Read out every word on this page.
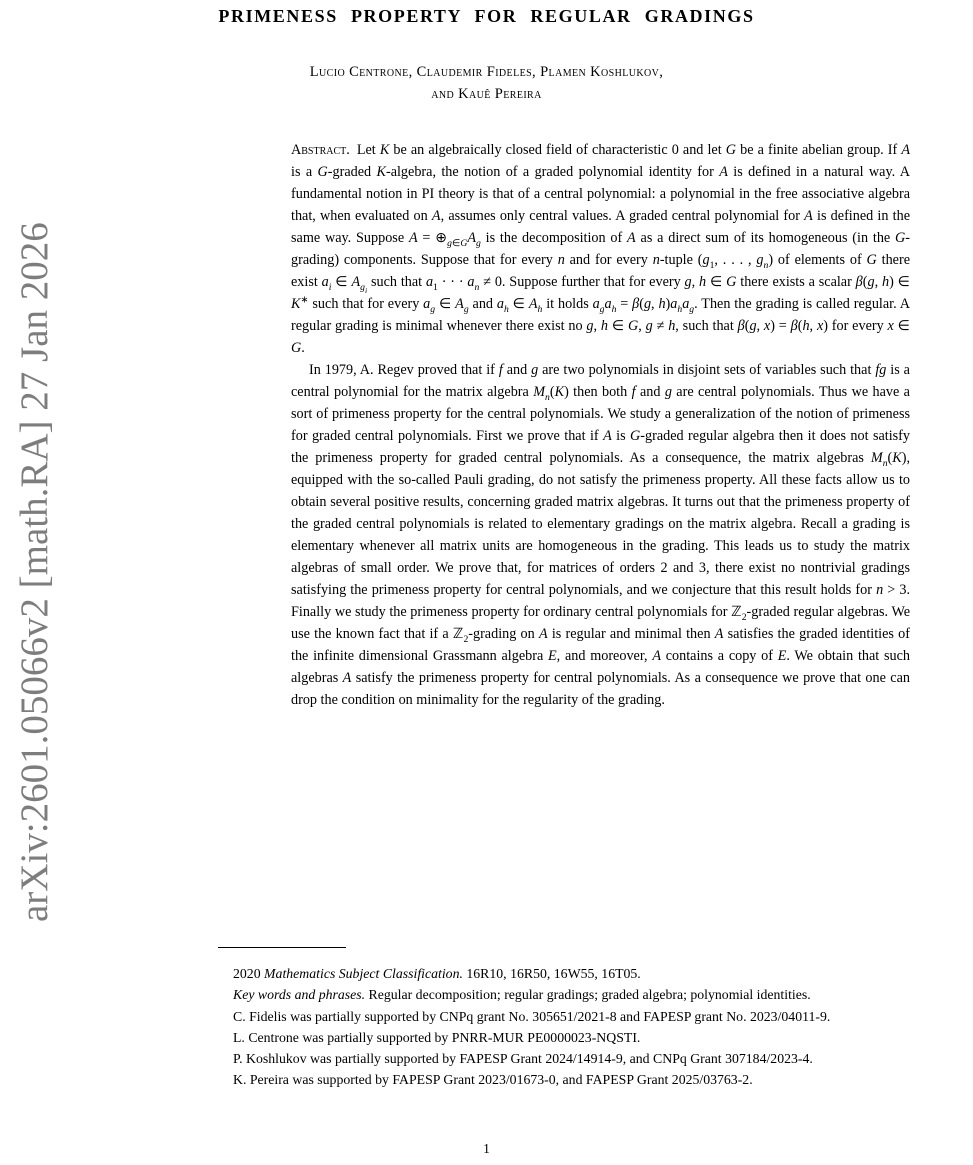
arXiv:2601.05066v2 [math.RA] 27 Jan 2026
PRIMENESS PROPERTY FOR REGULAR GRADINGS
Lucio Centrone, Claudemir Fideles, Plamen Koshlukov,
and Kauê Pereira

Abstract. Let K be an algebraically closed field of characteristic 0 and let G be a finite abelian group. If A is a G-graded K-algebra, the notion of a graded polynomial identity for A is defined in a natural way. A fundamental notion in PI theory is that of a central polynomial: a polynomial in the free associative algebra that, when evaluated on A, assumes only central values. A graded central polynomial for A is defined in the same way. Suppose $A = \oplus_{g\in G}A_g$ is the decomposition of A as a direct sum of its homogeneous (in the G-grading) components. Suppose that for every n and for every n-tuple ($g_1$, . . . , $g_n$) of elements of G there exist $a_i$ ∈ $A_{g_i}$ such that $a_1$ · · · $a_n \ne 0$. Suppose further that for every g, h ∈ G there exists a scalar β(g, h) ∈ K∗ such that for every $a_g$ ∈ $A_g$ and $a_h$ ∈ $A_h$ it holds $a_ga_h = \beta(g$, $h)a_ha_g$. Then the grading is called regular. A regular grading is minimal whenever there exist no g, h ∈ G, g ≠ h, such that β(g, x) = β(h, x) for every x ∈ G.

In 1979, A. Regev proved that if f and g are two polynomials in disjoint sets of variables such that fg is a central polynomial for the matrix algebra $M_n(K)$ then both f and g are central polynomials. Thus we have a sort of primeness property for the central polynomials. We study a generalization of the notion of primeness for graded central polynomials. First we prove that if A is G-graded regular algebra then it does not satisfy the primeness property for graded central polynomials. As a consequence, the matrix algebras $M_n(K)$, equipped with the so-called Pauli grading, do not satisfy the primeness property. All these facts allow us to obtain several positive results, concerning graded matrix algebras. It turns out that the primeness property of the graded central polynomials is related to elementary gradings on the matrix algebra. Recall a grading is elementary whenever all matrix units are homogeneous in the grading. This leads us to study the matrix algebras of small order. We prove that, for matrices of orders 2 and 3, there exist no nontrivial gradings satisfying the primeness property for central polynomials, and we conjecture that this result holds for n > 3. Finally we study the primeness property for ordinary central polynomials for ℤ$_2$-graded regular algebras. We use the known fact that if a ℤ$_2$-grading on A is regular and minimal then A satisfies the graded identities of the infinite dimensional Grassmann algebra E, and moreover, A contains a copy of E. We obtain that such algebras A satisfy the primeness property for central polynomials. As a consequence we prove that one can drop the condition on minimality for the regularity of the grading.

2020 Mathematics Subject Classification. 16R10, 16R50, 16W55, 16T05.

Key words and phrases. Regular decomposition; regular gradings; graded algebra; polynomial identities.

C. Fidelis was partially supported by CNPq grant No. 305651/2021-8 and FAPESP grant No. 2023/04011-9.

L. Centrone was partially supported by PNRR-MUR PE0000023-NQSTI.

P. Koshlukov was partially supported by FAPESP Grant 2024/14914-9, and CNPq Grant 307184/2023-4.

K. Pereira was supported by FAPESP Grant 2023/01673-0, and FAPESP Grant 2025/03763-2.

1
